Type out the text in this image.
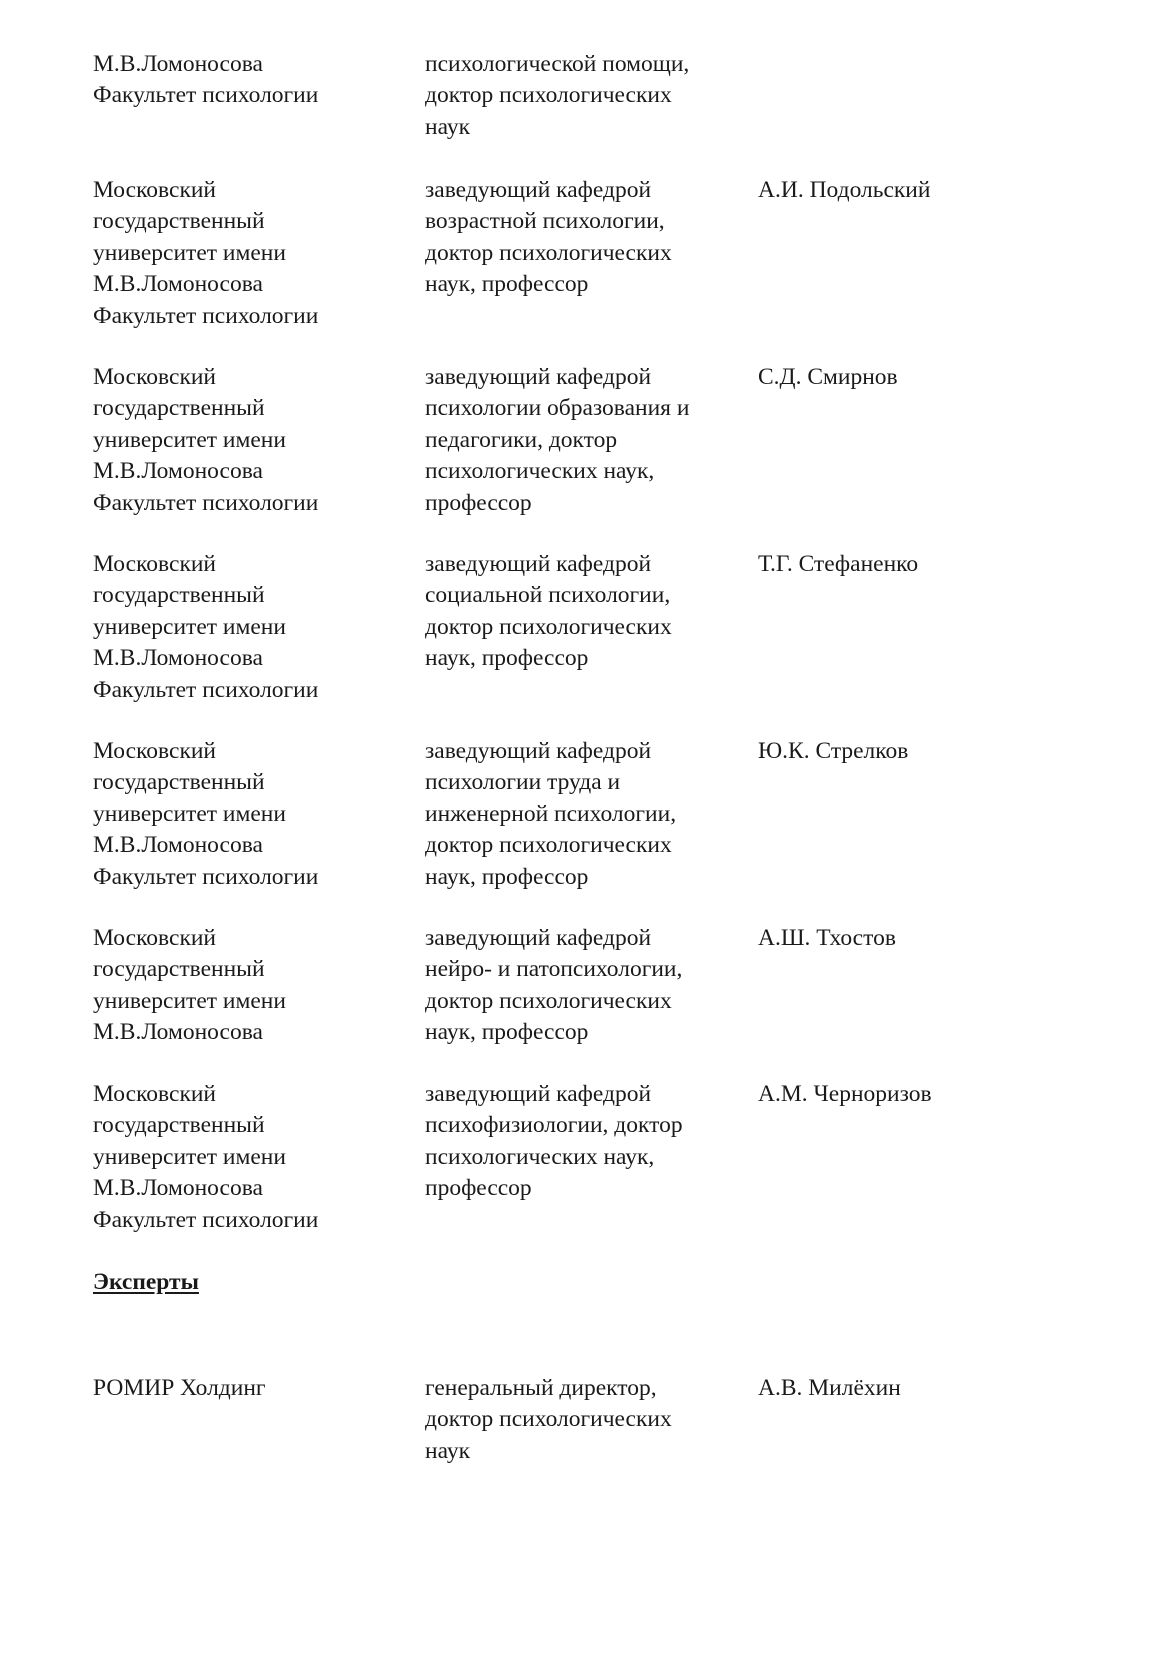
М.В.Ломоносова
Факультет психологии
психологической помощи,
доктор психологических
наук
Московский
государственный
университет имени
М.В.Ломоносова
Факультет психологии
заведующий кафедрой
возрастной психологии,
доктор психологических
наук, профессор
А.И. Подольский
Московский
государственный
университет имени
М.В.Ломоносова
Факультет психологии
заведующий кафедрой
психологии образования и
педагогики, доктор
психологических наук,
профессор
С.Д. Смирнов
Московский
государственный
университет имени
М.В.Ломоносова
Факультет психологии
заведующий кафедрой
социальной психологии,
доктор психологических
наук, профессор
Т.Г. Стефаненко
Московский
государственный
университет имени
М.В.Ломоносова
Факультет психологии
заведующий кафедрой
психологии труда и
инженерной психологии,
доктор психологических
наук, профессор
Ю.К. Стрелков
Московский
государственный
университет имени
М.В.Ломоносова
заведующий кафедрой
нейро- и патопсихологии,
доктор психологических
наук, профессор
А.Ш. Тхостов
Московский
государственный
университет имени
М.В.Ломоносова
Факультет психологии
заведующий кафедрой
психофизиологии, доктор
психологических наук,
профессор
А.М. Черноризов
Эксперты
РОМИР Холдинг	генеральный директор,
доктор психологических
наук
А.В. Милёхин
